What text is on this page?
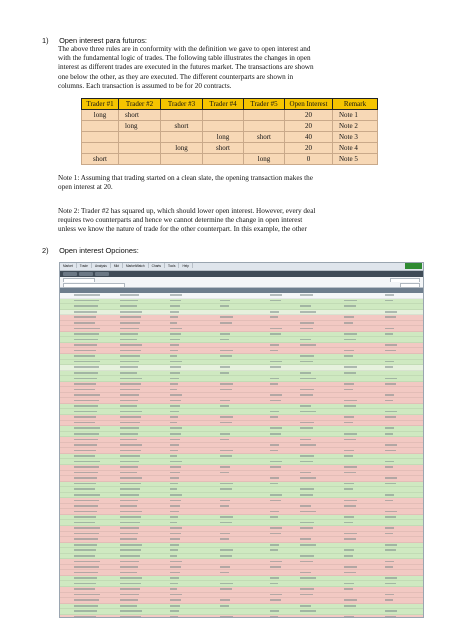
1) Open interest para futuros:
The above three rules are in conformity with the definition we gave to open interest and
with the fundamental logic of trades. The following table illustrates the changes in open
interest as different trades are executed in the futures market. The transactions are shown
one below the other, as they are executed. The different counterparts are shown in
columns. Each transaction is assumed to be for 20 contracts.
Trader #1	Trader #2	Trader #3	Trader #4	Trader #5	Open Interest	Remark
long	short				20	Note 1
	long	short			20	Note 2
			long	short	40	Note 3
		long	short		20	Note 4
short				long	0	Note 5
Note 1: Assuming that trading started on a clean slate, the opening transaction makes the
open interest at 20.
Note 2: Trader #2 has squared up, which should lower open interest. However, every deal
requires two counterparts and hence we cannot determine the change in open interest
unless we know the nature of trade for the other counterpart. In this example, the other
2) Open interest Opciones:
Market Trade Analysis Mkt MarketWatch Charts Tools Help
